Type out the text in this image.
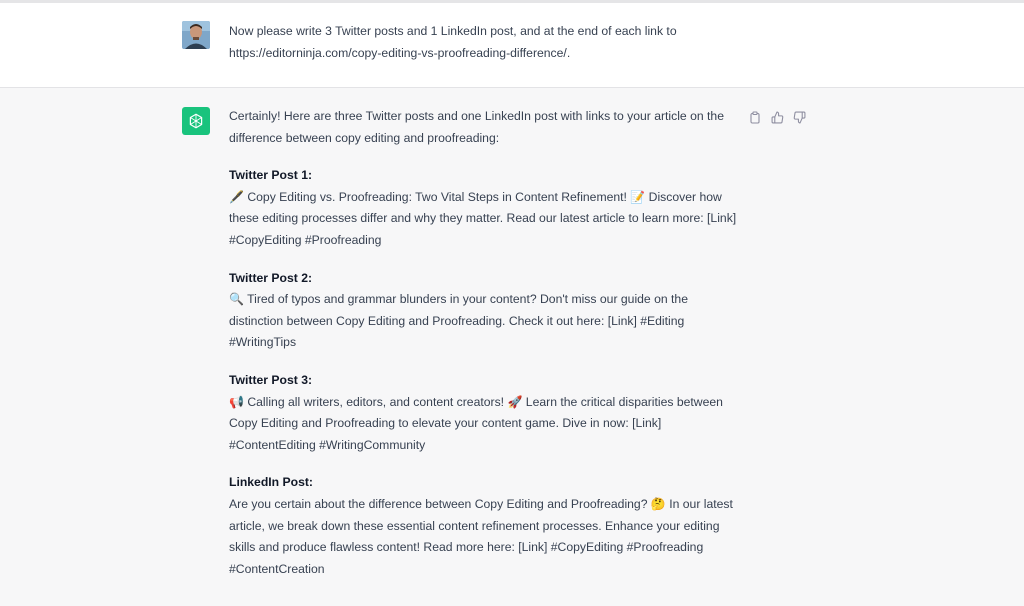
Now please write 3 Twitter posts and 1 LinkedIn post, and at the end of each link to https://editorninja.com/copy-editing-vs-proofreading-difference/.

Certainly! Here are three Twitter posts and one LinkedIn post with links to your article on the difference between copy editing and proofreading:

Twitter Post 1:
🖋️ Copy Editing vs. Proofreading: Two Vital Steps in Content Refinement! 📝 Discover how these editing processes differ and why they matter. Read our latest article to learn more: [Link] #CopyEditing #Proofreading

Twitter Post 2:
🔍 Tired of typos and grammar blunders in your content? Don't miss our guide on the distinction between Copy Editing and Proofreading. Check it out here: [Link] #Editing #WritingTips

Twitter Post 3:
📢 Calling all writers, editors, and content creators! 🚀 Learn the critical disparities between Copy Editing and Proofreading to elevate your content game. Dive in now: [Link] #ContentEditing #WritingCommunity

LinkedIn Post:
Are you certain about the difference between Copy Editing and Proofreading? 🤔 In our latest article, we break down these essential content refinement processes. Enhance your editing skills and produce flawless content! Read more here: [Link] #CopyEditing #Proofreading #ContentCreation
